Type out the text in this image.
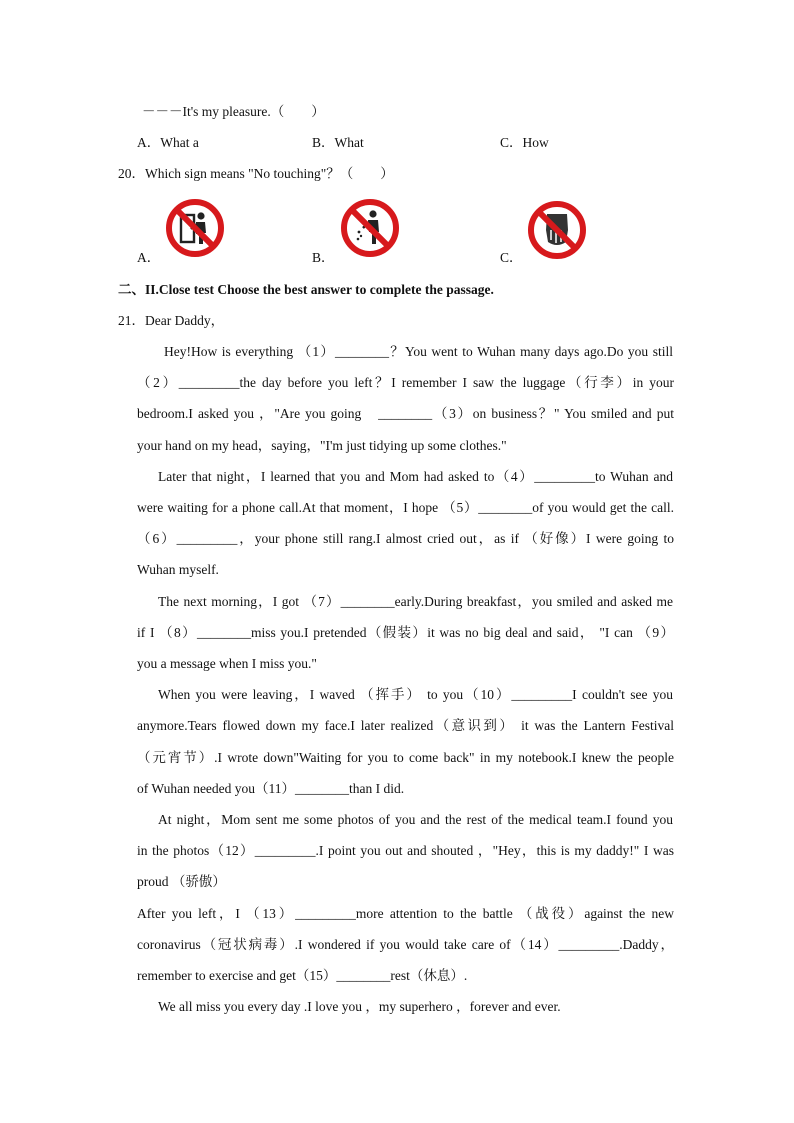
－－－It's my pleasure.（　　）
A．What a	B．What	C．How
20．Which sign means "No touching"？（　　）
A．	B．	C．
二、II.Close test Choose the best answer to complete the passage.
21．Dear Daddy，
Hey!How is everything （1）________？You went to Wuhan many days ago.Do you still
（2）_________the day before you left？I remember I saw the luggage（行李）in your
bedroom.I asked you ，"Are you going　________（3）on business？" You smiled and put
your hand on my head，saying，"I'm just tidying up some clothes."
Later that night，I learned that you and Mom had asked to（4）_________to Wuhan and
were waiting for a phone call.At that moment，I hope （5）________of you would get the call.
（6）_________，your phone still rang.I almost cried out，as if （好像）I were going to
Wuhan myself.
The next morning，I got （7）________early.During breakfast，you smiled and asked me
if I （8）________miss you.I pretended（假装）it was no big deal and said， "I can （9）
you a message when I miss you."
When you were leaving，I waved （挥手） to you（10）_________I couldn't see you
anymore.Tears flowed down my face.I later realized（意识到） it was the Lantern Festival
（元宵节）.I wrote down"Waiting for you to come back" in my notebook.I knew the people
of Wuhan needed you（11）________than I did.
At night，Mom sent me some photos of you and the rest of the medical team.I found you
in the photos（12）_________.I point you out and shouted ，"Hey，this is my daddy!" I was
proud （骄傲）
After you left，I （13）_________more attention to the battle （战役）against the new
coronavirus（冠状病毒）.I wondered if you would take care of（14）_________.Daddy，
remember to exercise and get（15）________rest（休息）.
We all miss you every day .I love you ，my superhero ，forever and ever.
